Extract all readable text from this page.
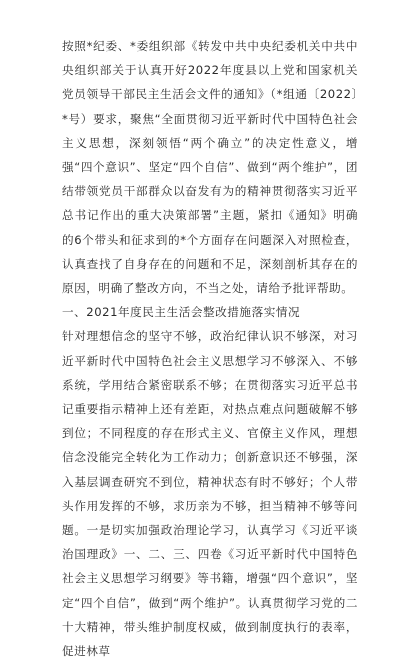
按照*纪委、*委组织部《转发中共中央纪委机关中共中央组织部关于认真开好2022年度县以上党和国家机关党员领导干部民主生活会文件的通知》（*组通〔2022〕*号）要求，聚焦“全面贯彻习近平新时代中国特色社会主义思想，深刻领悟“两个确立”的决定性意义，增强“四个意识”、坚定“四个自信”、做到“两个维护”，团结带领党员干部群众以奋发有为的精神贯彻落实习近平总书记作出的重大决策部署”主题，紧扣《通知》明确的6个带头和征求到的*个方面存在问题深入对照检查，认真查找了自身存在的问题和不足，深刻剖析其存在的原因，明确了整改方向，不当之处，请给予批评帮助。

一、2021年度民主生活会整改措施落实情况

针对理想信念的坚守不够，政治纪律认识不够深，对习近平新时代中国特色社会主义思想学习不够深入、不够系统，学用结合紧密联系不够；在贯彻落实习近平总书记重要指示精神上还有差距，对热点难点问题破解不够到位；不同程度的存在形式主义、官僚主义作风，理想信念没能完全转化为工作动力；创新意识还不够强，深入基层调查研究不到位，精神状态有时不够好；个人带头作用发挥的不够，求历亲为不够，担当精神不够等问题。一是切实加强政治理论学习，认真学习《习近平谈治国理政》一、二、三、四卷《习近平新时代中国特色社会主义思想学习纲要》等书籍，增强“四个意识”，坚定“四个自信”，做到“两个维护”。认真贯彻学习党的二十大精神，带头维护制度权威，做到制度执行的表率，促进林草
